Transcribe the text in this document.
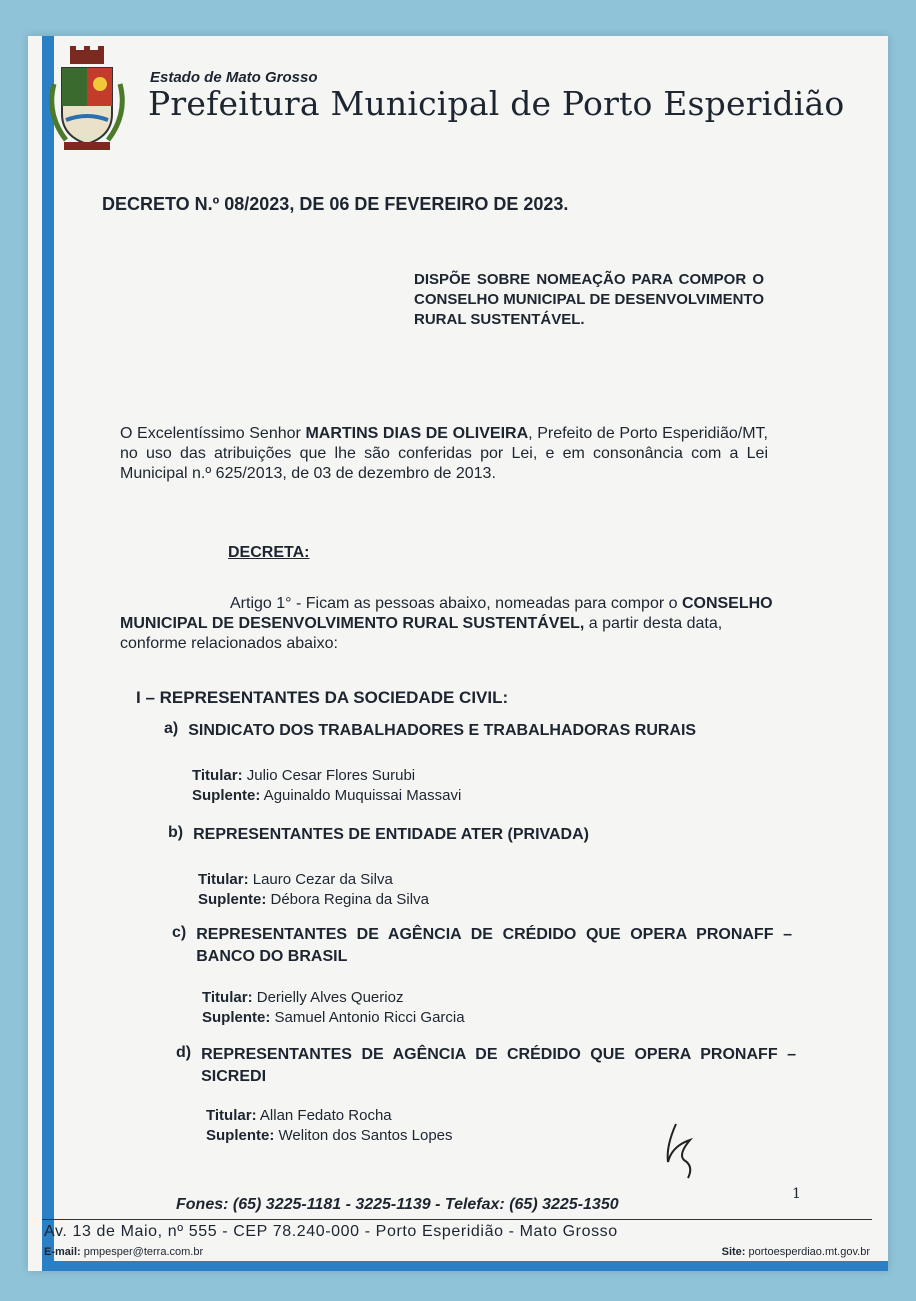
Estado de Mato Grosso
Prefeitura Municipal de Porto Esperidião
DECRETO N.º 08/2023, DE 06 DE FEVEREIRO DE 2023.
DISPÕE SOBRE NOMEAÇÃO PARA COMPOR O CONSELHO MUNICIPAL DE DESENVOLVIMENTO RURAL SUSTENTÁVEL.
O Excelentíssimo Senhor MARTINS DIAS DE OLIVEIRA, Prefeito de Porto Esperidião/MT, no uso das atribuições que lhe são conferidas por Lei, e em consonância com a Lei Municipal n.º 625/2013, de 03 de dezembro de 2013.
DECRETA:
Artigo 1° - Ficam as pessoas abaixo, nomeadas para compor o CONSELHO MUNICIPAL DE DESENVOLVIMENTO RURAL SUSTENTÁVEL, a partir desta data, conforme relacionados abaixo:
I – REPRESENTANTES DA SOCIEDADE CIVIL:
a) SINDICATO DOS TRABALHADORES E TRABALHADORAS RURAIS
Titular: Julio Cesar Flores Surubi
Suplente: Aguinaldo Muquissai Massavi
b) REPRESENTANTES DE ENTIDADE ATER (PRIVADA)
Titular: Lauro Cezar da Silva
Suplente: Débora Regina da Silva
c) REPRESENTANTES DE AGÊNCIA DE CRÉDIDO QUE OPERA PRONAFF – BANCO DO BRASIL
Titular: Derielly Alves Querioz
Suplente: Samuel Antonio Ricci Garcia
d) REPRESENTANTES DE AGÊNCIA DE CRÉDIDO QUE OPERA PRONAFF – SICREDI
Titular: Allan Fedato Rocha
Suplente: Weliton dos Santos Lopes
1
Fones: (65) 3225-1181 - 3225-1139 - Telefax: (65) 3225-1350
Av. 13 de Maio, nº 555 - CEP 78.240-000 - Porto Esperidião - Mato Grosso
E-mail: pmpesper@terra.com.br	Site: portoesperdiao.mt.gov.br
